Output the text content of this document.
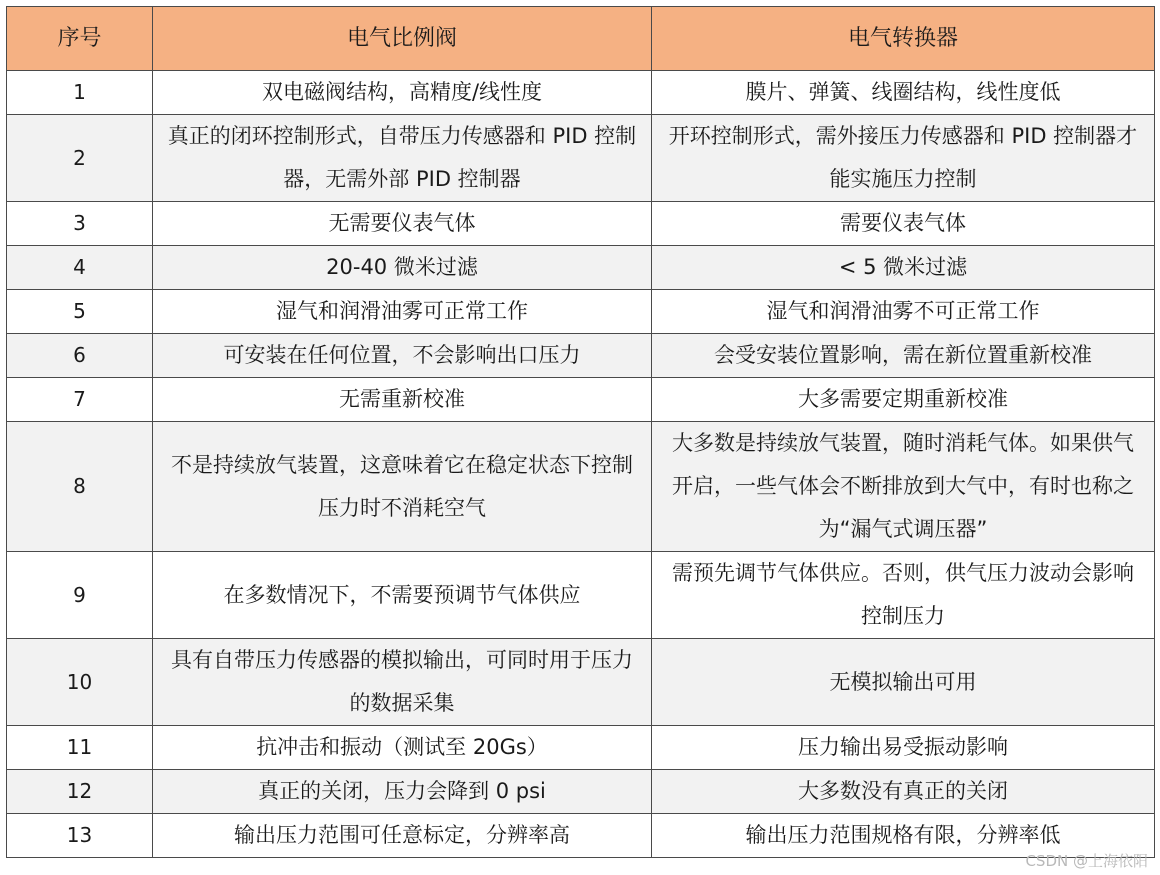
序号	电气比例阀	电气转换器
1	双电磁阀结构，高精度/线性度	膜片、弹簧、线圈结构，线性度低
2	真正的闭环控制形式，自带压力传感器和 PID 控制器，无需外部 PID 控制器	开环控制形式，需外接压力传感器和 PID 控制器才能实施压力控制
3	无需要仪表气体	需要仪表气体
4	20-40 微米过滤	< 5 微米过滤
5	湿气和润滑油雾可正常工作	湿气和润滑油雾不可正常工作
6	可安装在任何位置，不会影响出口压力	会受安装位置影响，需在新位置重新校准
7	无需重新校准	大多需要定期重新校准
8	不是持续放气装置，这意味着它在稳定状态下控制压力时不消耗空气	大多数是持续放气装置，随时消耗气体。如果供气开启，一些气体会不断排放到大气中，有时也称之为“漏气式调压器”
9	在多数情况下，不需要预调节气体供应	需预先调节气体供应。否则，供气压力波动会影响控制压力
10	具有自带压力传感器的模拟输出，可同时用于压力的数据采集	无模拟输出可用
11	抗冲击和振动（测试至 20Gs）	压力输出易受振动影响
12	真正的关闭，压力会降到 0 psi	大多数没有真正的关闭
13	输出压力范围可任意标定，分辨率高	输出压力范围规格有限，分辨率低
CSDN @上海依阳
